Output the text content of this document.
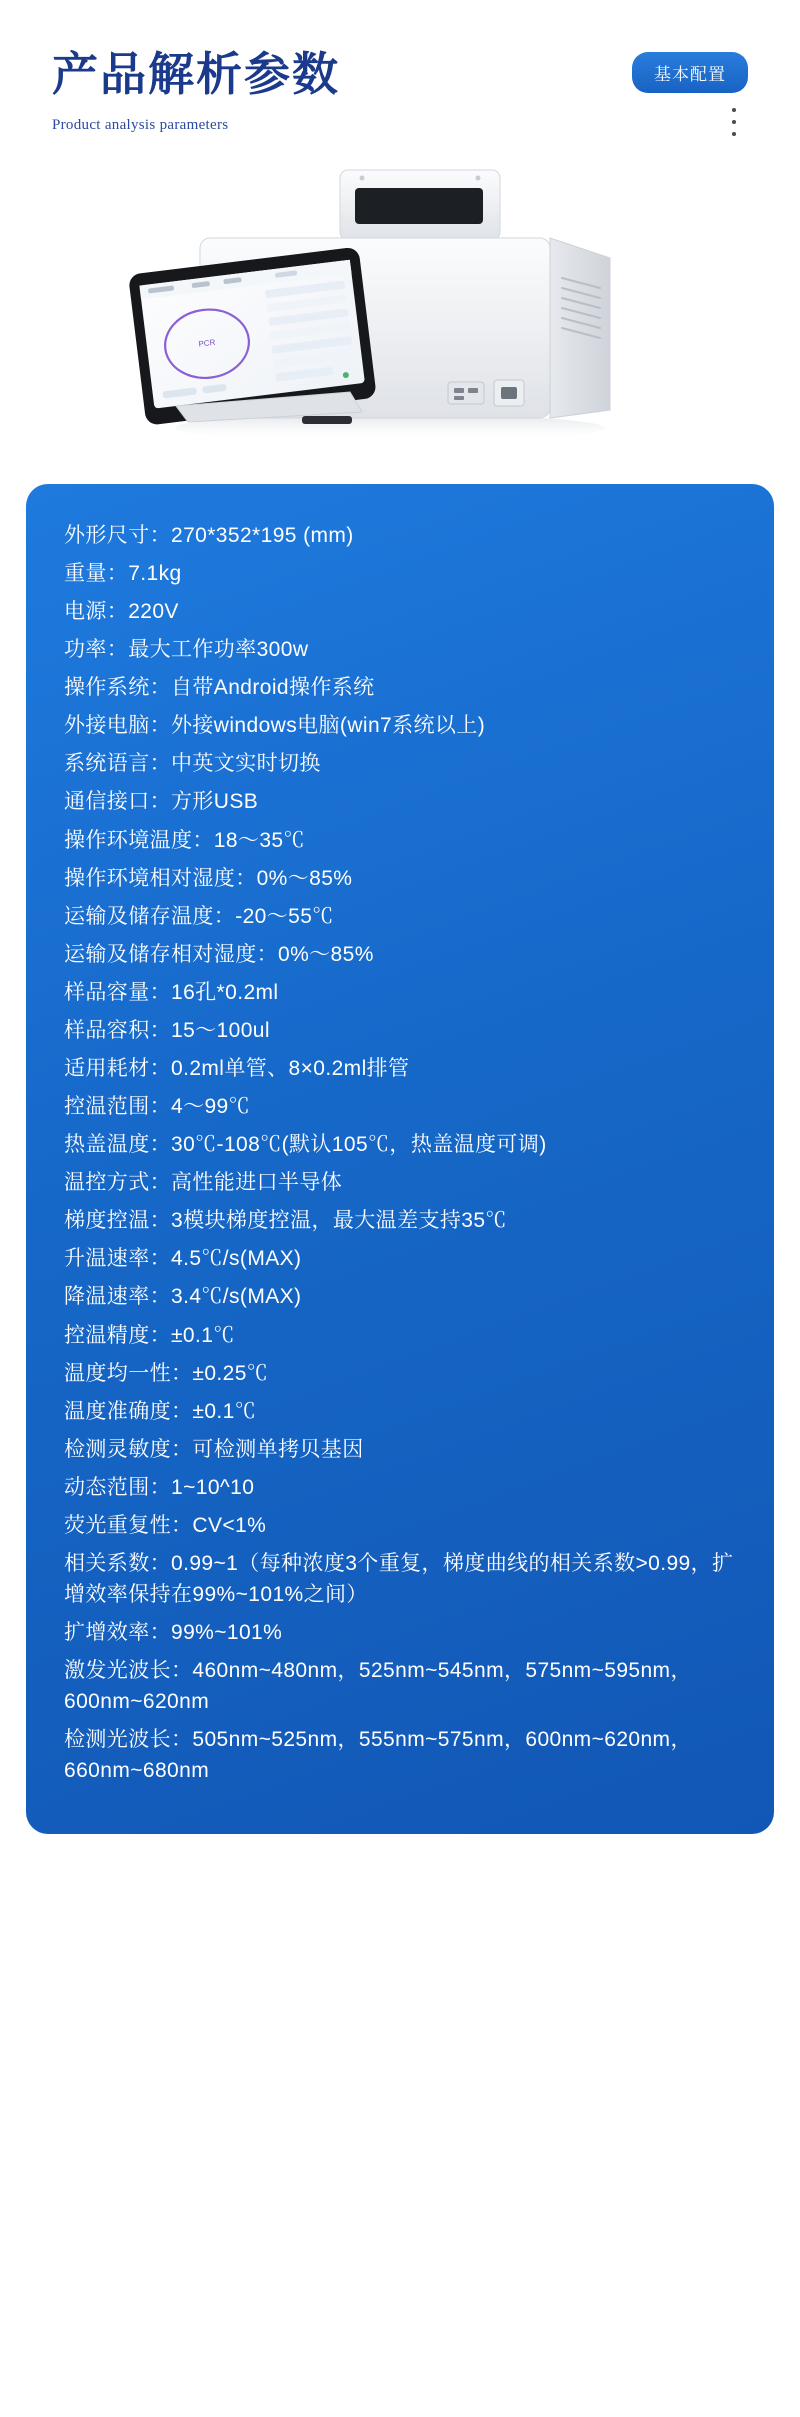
产品解析参数
Product analysis parameters
基本配置
PCR
外形尺寸：270*352*195 (mm)
重量：7.1kg
电源：220V
功率：最大工作功率300w
操作系统：自带Android操作系统
外接电脑：外接windows电脑(win7系统以上)
系统语言：中英文实时切换
通信接口：方形USB
操作环境温度：18～35℃
操作环境相对湿度：0%～85%
运输及储存温度：-20～55℃
运输及储存相对湿度：0%～85%
样品容量：16孔*0.2ml
样品容积：15～100ul
适用耗材：0.2ml单管、8×0.2ml排管
控温范围：4～99℃
热盖温度：30℃-108℃(默认105℃，热盖温度可调)
温控方式：高性能进口半导体
梯度控温：3模块梯度控温，最大温差支持35℃
升温速率：4.5℃/s(MAX)
降温速率：3.4℃/s(MAX)
控温精度：±0.1℃
温度均一性：±0.25℃
温度准确度：±0.1℃
检测灵敏度：可检测单拷贝基因
动态范围：1~10^10
荧光重复性：CV<1%
相关系数：0.99~1（每种浓度3个重复，梯度曲线的相关系数>0.99，扩增效率保持在99%~101%之间）
扩增效率：99%~101%
激发光波长：460nm~480nm，525nm~545nm，575nm~595nm，600nm~620nm
检测光波长：505nm~525nm，555nm~575nm，600nm~620nm，660nm~680nm
